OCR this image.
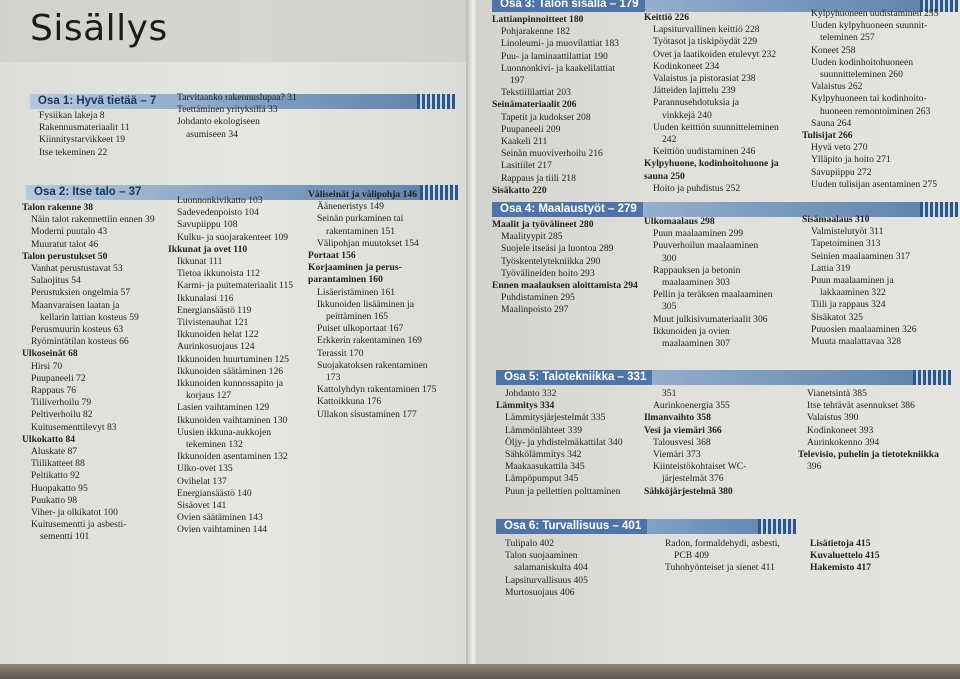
Sisällys
Osa 1: Hyvä tietää – 7
Fysiikan lakeja 8
Rakennusmateriaalit 11
Kiinnitystarvikkeet 19
Itse tekeminen 22
Tarvitaanko rakennuslupaa? 31
Teettäminen yrityksillä 33
Johdanto ekologiseen
asumiseen 34
Osa 2: Itse talo – 37
Talon rakenne 38
Näin talot rakennettiin ennen 39
Moderni puutalo 43
Muuratut talot 46
Talon perustukset 50
Vanhat perustustavat 53
Salaojitus 54
Perustuksien ongelmia 57
Maanvaraisen laatan ja
kellarin lattian kosteus 59
Perusmuurin kosteus 63
Ryömintätilan kosteus 66
Ulkoseinät 68
Hirsi 70
Puupaneeli 72
Rappaus 76
Tiiliverhoilu 79
Peltiverhoilu 82
Kuitusementtilevyt 83
Ulkokatto 84
Aluskate 87
Tiilikatteet 88
Peltikatto 92
Huopakatto 95
Puukatto 98
Viher- ja olkikatot 100
Kuitusementti ja asbesti-
sementti 101
Luonnonkivikatto 103
Sadevedenpoisto 104
Savupiippu 108
Kulku- ja suojarakenteet 109
Ikkunat ja ovet 110
Ikkunat 111
Tietoa ikkunoista 112
Karmi- ja puitemateriaalit 115
Ikkunalasi 116
Energiansäästö 119
Tiivistenauhat 121
Ikkunoiden helat 122
Aurinkosuojaus 124
Ikkunoiden huurtuminen 125
Ikkunoiden säätäminen 126
Ikkunoiden kunnossapito ja
korjaus 127
Lasien vaihtaminen 129
Ikkunoiden vaihtaminen 130
Uusien ikkuna-aukkojen
tekeminen 132
Ikkunoiden asentaminen 132
Ulko-ovet 135
Ovihelat 137
Energiansäästö 140
Sisäovet 141
Ovien säätäminen 143
Ovien vaihtaminen 144
Väliseinät ja välipohja 146
Ääneneristys 149
Seinän purkaminen tai
rakentaminen 151
Välipohjan muutokset 154
Portaat 156
Korjaaminen ja perus-
parantaminen 160
Lisäeristäminen 161
Ikkunoiden lisääminen ja
peittäminen 165
Puiset ulkoportaat 167
Erkkerin rakentaminen 169
Terassit 170
Suojakatoksen rakentaminen
173
Kattolyhdyn rakentaminen 175
Kattoikkuna 176
Ullakon sisustaminen 177
Osa 3: Talon sisällä – 179
Lattianpinnoitteet 180
Pohjarakenne 182
Linoleumi- ja muovilattiat 183
Puu- ja laminaattilattiat 190
Luonnonkivi- ja kaakelilattiat
197
Tekstiililattiat 203
Seinämateriaalit 206
Tapetit ja kudokset 208
Puupaneeli 209
Kaakeli 211
Seinän muoviverhoilu 216
Lasitiilet 217
Rappaus ja tiili 218
Sisäkatto 220
Keittiö 226
Lapsiturvallinen keittiö 228
Työtasot ja tiskipöydät 229
Ovet ja laatikoiden etulevyt 232
Kodinkoneet 234
Valaistus ja pistorasiat 238
Jätteiden lajittelu 239
Parannusehdotuksia ja
vinkkejä 240
Uuden keittiön suunnitteleminen
242
Keittiön uudistaminen 246
Kylpyhuone, kodinhoitohuone ja
sauna 250
Hoito ja puhdistus 252
Kylpyhuoneen uudistaminen 255
Uuden kylpyhuoneen suunnit-
teleminen 257
Koneet 258
Uuden kodinhoitohuoneen
suunnitteleminen 260
Valaistus 262
Kylpyhuoneen tai kodinhoito-
huoneen remontoiminen 263
Sauna 264
Tulisijat 266
Hyvä veto 270
Ylläpito ja hoito 271
Savupiippu 272
Uuden tulisijan asentaminen 275
Osa 4: Maalaustyöt – 279
Maalit ja työvälineet 280
Maalityypit 285
Suojele itseäsi ja luontoa 289
Työskentelytekniikka 290
Työvälineiden hoito 293
Ennen maalauksen aloittamista 294
Puhdistaminen 295
Maalinpoisto 297
Ulkomaalaus 298
Puun maalaaminen 299
Puuverhoilun maalaaminen
300
Rappauksen ja betonin
maalaaminen 303
Pellin ja teräksen maalaaminen
305
Muut julkisivumateriaalit 306
Ikkunoiden ja ovien
maalaaminen 307
Sisämaalaus 310
Valmistelutyöt 311
Tapetoiminen 313
Seinien maalaaminen 317
Lattia 319
Puun maalaaminen ja
lakkaaminen 322
Tiili ja rappaus 324
Sisäkatot 325
Puuosien maalaaminen 326
Muuta maalattavaa 328
Osa 5: Talotekniikka – 331
Johdanto 332
Lämmitys 334
Lämmitysjärjestelmät 335
Lämmönlähteet 339
Öljy- ja yhdistelmäkattilat 340
Sähkölämmitys 342
Maakaasukattila 345
Lämpöpumput 345
Puun ja pellettien polttaminen
351
Aurinkoenergia 355
Ilmanvaihto 358
Vesi ja viemäri 366
Talousvesi 368
Viemäri 373
Kiinteistökohtaiset WC-
järjestelmät 376
Sähköjärjestelmä 380
Vianetsintä 385
Itse tehtävät asennukset 386
Valaistus 390
Kodinkoneet 393
Aurinkokenno 394
Televisio, puhelin ja tietotekniikka
396
Osa 6: Turvallisuus – 401
Tulipalo 402
Talon suojaaminen
salamaniskulta 404
Lapsiturvallisuus 405
Murtosuojaus 406
Radon, formaldehydi, asbesti,
PCB 409
Tuhohyönteiset ja sienet 411
Lisätietoja 415
Kuvaluettelo 415
Hakemisto 417
